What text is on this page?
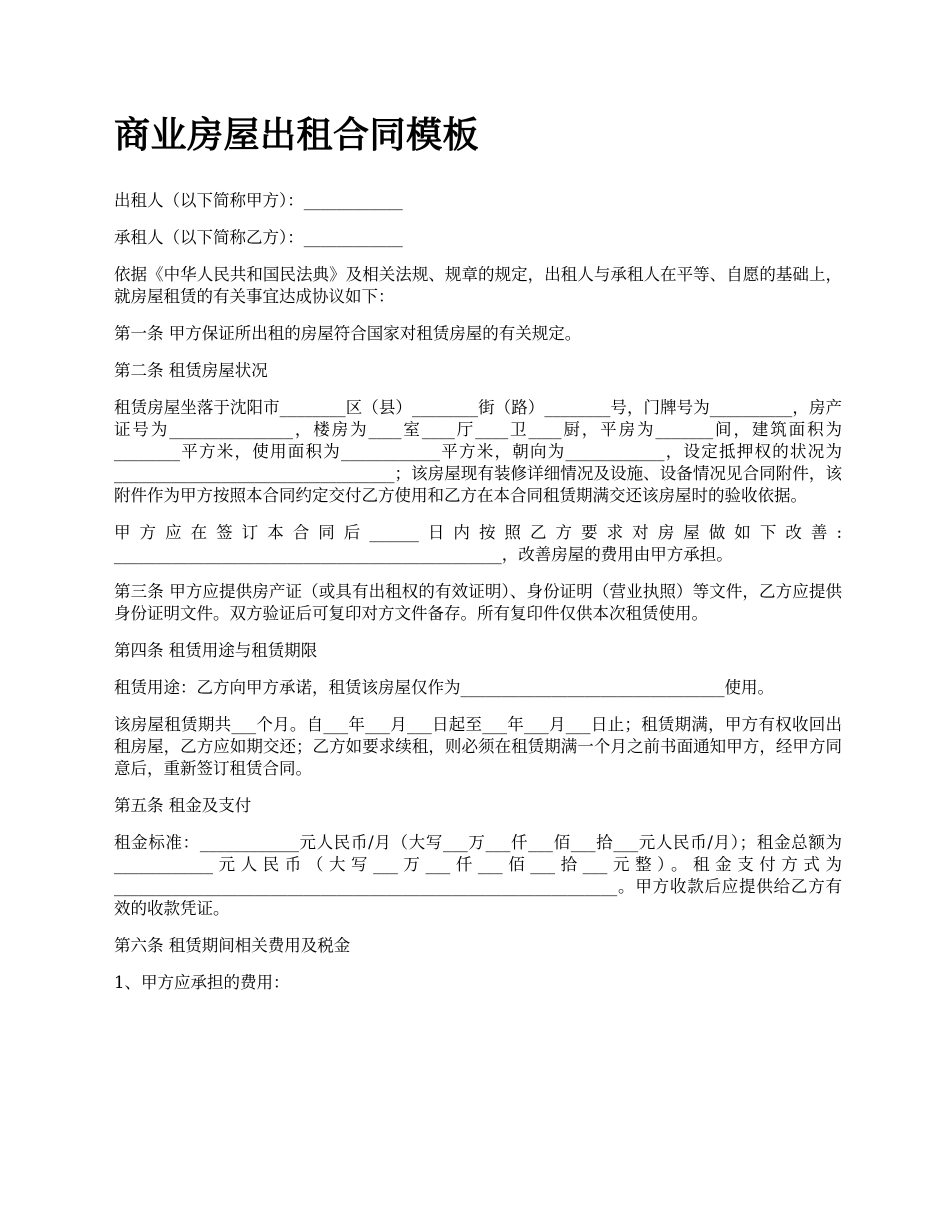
商业房屋出租合同模板

出租人（以下简称甲方）：____________

承租人（以下简称乙方）：____________

依据《中华人民共和国民法典》及相关法规、规章的规定，出租人与承租人在平等、自愿的基础上，就房屋租赁的有关事宜达成协议如下：

第一条 甲方保证所出租的房屋符合国家对租赁房屋的有关规定。

第二条 租赁房屋状况

租赁房屋坐落于沈阳市________区（县）________街（路）________号，门牌号为__________，房产证号为_______________，楼房为____室____厅____卫____厨，平房为_______间，建筑面积为________平方米，使用面积为____________平方米，朝向为____________，设定抵押权的状况为__________________________________；该房屋现有装修详细情况及设施、设备情况见合同附件，该附件作为甲方按照本合同约定交付乙方使用和乙方在本合同租赁期满交还该房屋时的验收依据。

甲方应在签订本合同后______日内按照乙方要求对房屋做如下改善: _______________________________________________，改善房屋的费用由甲方承担。

第三条 甲方应提供房产证（或具有出租权的有效证明）、身份证明（营业执照）等文件，乙方应提供身份证明文件。双方验证后可复印对方文件备存。所有复印件仅供本次租赁使用。

第四条 租赁用途与租赁期限

租赁用途：乙方向甲方承诺，租赁该房屋仅作为________________________________使用。

该房屋租赁期共___个月。自___年___月___日起至___年___月___日止；租赁期满，甲方有权收回出租房屋，乙方应如期交还；乙方如要求续租，则必须在租赁期满一个月之前书面通知甲方，经甲方同意后，重新签订租赁合同。

第五条 租金及支付

租金标准：____________元人民币/月（大写___万___仟___佰___拾___元人民币/月）；租金总额为____________元人民币（大写___万___仟___佰___拾___元整）。租金支付方式为_____________________________________________________________。甲方收款后应提供给乙方有效的收款凭证。

第六条 租赁期间相关费用及税金

1、甲方应承担的费用：
